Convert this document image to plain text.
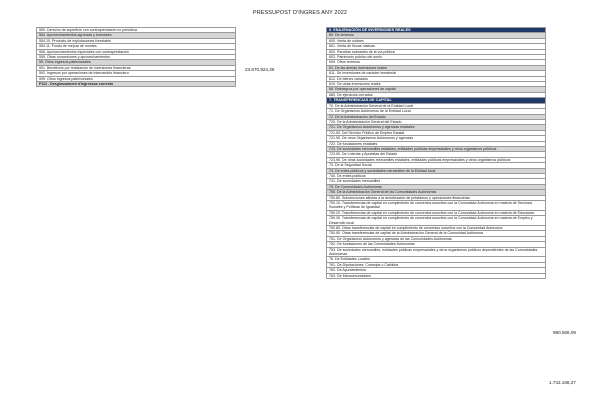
PRESSUPOST D'INGRES ANY 2022
550. Derecho de superficie con contraprestación no periódica
554. Aprovechamientos agrícolas y forestales
554.10. Producto de explotaciones forestales
554.11. Fondo de mejora de montes
555. Aprovechamientos especiales con contraprestación
559. Otras concesiones y aprovechamientos
59. Otros ingresos patrimoniales
591. Beneficios por realización de inversiones financieras
592. Ingresos por operaciones de intercambio financiero
599. Otros ingresos patrimoniales
F112 - Desglossament d'ingressos corrents
23.670.924,35
6. ENAJENACIÓN DE INVERSIONES REALES
60. De terrenos
600. Venta de solares
601. Venta de fincas rústicas
602. Parcelas sobrantes de la vía pública
603. Patrimonio público del suelo
609. Otros terrenos
61. De las demás inversiones reales
611. De inversiones de carácter inmaterial
612. De bienes variados
619. De otras inversiones reales
68. Reintegros por operaciones de capital
680. De ejercicios cerrados
7. TRANSFERENCIAS DE CAPITAL
70. De la Administración General de la Entidad Local
71. De Organismos Autónomos de la Entidad Local
72. De la Administración del Estado
720. De la Administración General del Estado
721. De Organismos Autónomos y agencias estatales
721.00. Del Servicio Público de Empleo Estatal
721.90. De otros Organismos Autónomos y agencias
722. De fundaciones estatales
723. De sociedades mercantiles estatales, entidades públicas empresariales y otros organismos públicos
723.00. De Loterías y Apuestas del Estado
723.90. De otras sociedades mercantiles estatales, entidades públicas empresariales y otros organismos públicos
73. De la Seguridad Social
74. De entes públicos y sociedades mercantiles de la Entidad local
740. De entes públicos
741. De sociedades mercantiles
75. De Comunidades Autónomas
750. De la Administración General de las Comunidades Autónomas
750.80. Subvenciones afectas a la amortización de préstamos y operaciones financieras
750.10. Transferencias de capital en cumplimiento de convenios suscritos con la Comunidad Autónoma en materia de Servicios Sociales y Políticas de Igualdad
750.20. Transferencias de capital en cumplimiento de convenios suscritos con la Comunidad Autónoma en materia de Educación
750.30. Transferencias de capital en cumplimiento de convenios suscritos con la Comunidad Autónoma en materia de Empleo y Desarrollo local
750.80. Otras transferencias de capital en cumplimiento de convenios suscritos con la Comunidad Autónoma
750.90. Otras transferencias de capital de la Administración General de la Comunidad Autónoma
751. De Organismos Autónomos y agencias de las Comunidades Autónomas
752. De fundaciones de las Comunidades Autónomas
753. De sociedades mercantiles, entidades públicas empresariales y otros organismos públicos dependientes de las Comunidades Autónomas
76. De Entidades Locales
761. De Diputaciones, Consejos o Cabildos
762. De Ayuntamientos
763. De Mancomunidades
980.506,09
1.742.168,27
